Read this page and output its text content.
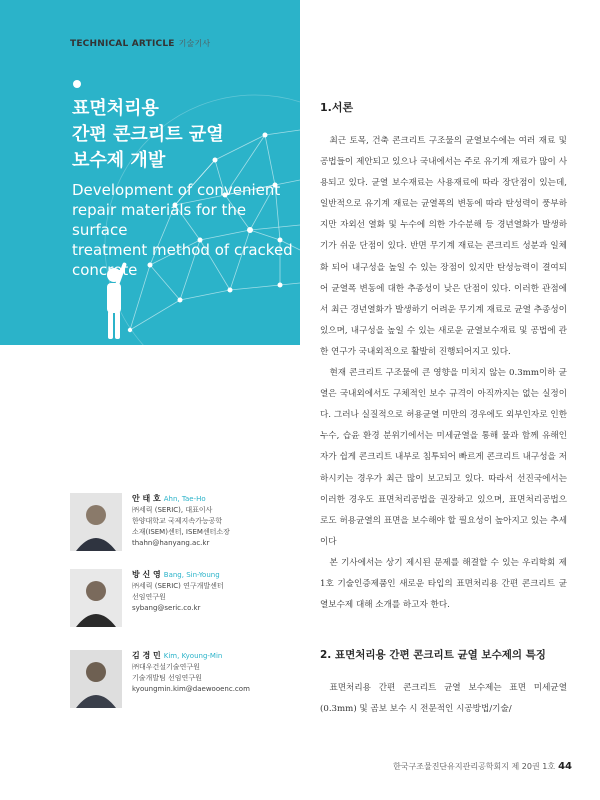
TECHNICAL ARTICLE 기술기사
표면처리용
간편 콘크리트 균열
보수제 개발
Development of convenient
repair materials for the surface
treatment method of cracked
concrete
1.서론

최근 토목, 건축 콘크리트 구조물의 균열보수에는 여러 재료 및 공법들이 제안되고 있으나 국내에서는 주로 유기계 재료가 많이 사용되고 있다. 균열 보수재료는 사용재료에 따라 장단점이 있는데, 일반적으로 유기계 재료는 균열폭의 변동에 따라 탄성력이 풍부하지만 자외선 열화 및 누수에 의한 가수분해 등 경년열화가 발생하기가 쉬운 단점이 있다. 반면 무기계 재료는 콘크리트 성분과 일체화 되어 내구성을 높일 수 있는 장점이 있지만 탄성능력이 결여되어 균열폭 변동에 대한 추종성이 낮은 단점이 있다. 이러한 관점에서 최근 경년열화가 발생하기 어려운 무기계 재료로 균열 추종성이 있으며, 내구성을 높일 수 있는 새로운 균열보수재료 및 공법에 관한 연구가 국내외적으로 활발히 진행되어지고 있다.

현재 콘크리트 구조물에 큰 영향을 미치지 않는 0.3mm이하 균열은 국내외에서도 구체적인 보수 규격이 아직까지는 없는 실정이다. 그러나 실질적으로 허용균열 미만의 경우에도 외부인자로 인한 누수, 습윤 환경 분위기에서는 미세균열을 통해 물과 함께 유해인자가 쉽게 콘크리트 내부로 침투되어 빠르게 콘크리트 내구성을 저하시키는 경우가 최근 많이 보고되고 있다. 따라서 선진국에서는 이러한 경우도 표면처리공법을 권장하고 있으며, 표면처리공법으로도 허용균열의 표면을 보수해야 할 필요성이 높아지고 있는 추세이다

본 기사에서는 상기 제시된 문제를 해결할 수 있는 우리학회 제1호 기술인증제품인 새로운 타입의 표면처리용 간편 콘크리트 균열보수제 대해 소개를 하고자 한다.

2. 표면처리용 간편 콘크리트 균열 보수제의 특징

표면처리용 간편 콘크리트 균열 보수제는 표면 미세균열(0.3mm) 및 곰보 보수 시 전문적인 시공방법/기술/

안 태 호 Ahn, Tae-Ho
㈜세릭 (SERIC), 대표이사
한양대학교 국제지속가능공학
소재(ISEM)센터, ISEM센터소장
thahn@hanyang.ac.kr
방 신 영 Bang, Sin-Young
㈜세릭 (SERIC) 연구개발센터
선임연구원
sybang@seric.co.kr
김 경 민 Kim, Kyoung-Min
㈜대우건설기술연구원
기술개발팀 선임연구원
kyoungmin.kim@daewooenc.com
한국구조물진단유지관리공학회지 제 20권 1호 44
